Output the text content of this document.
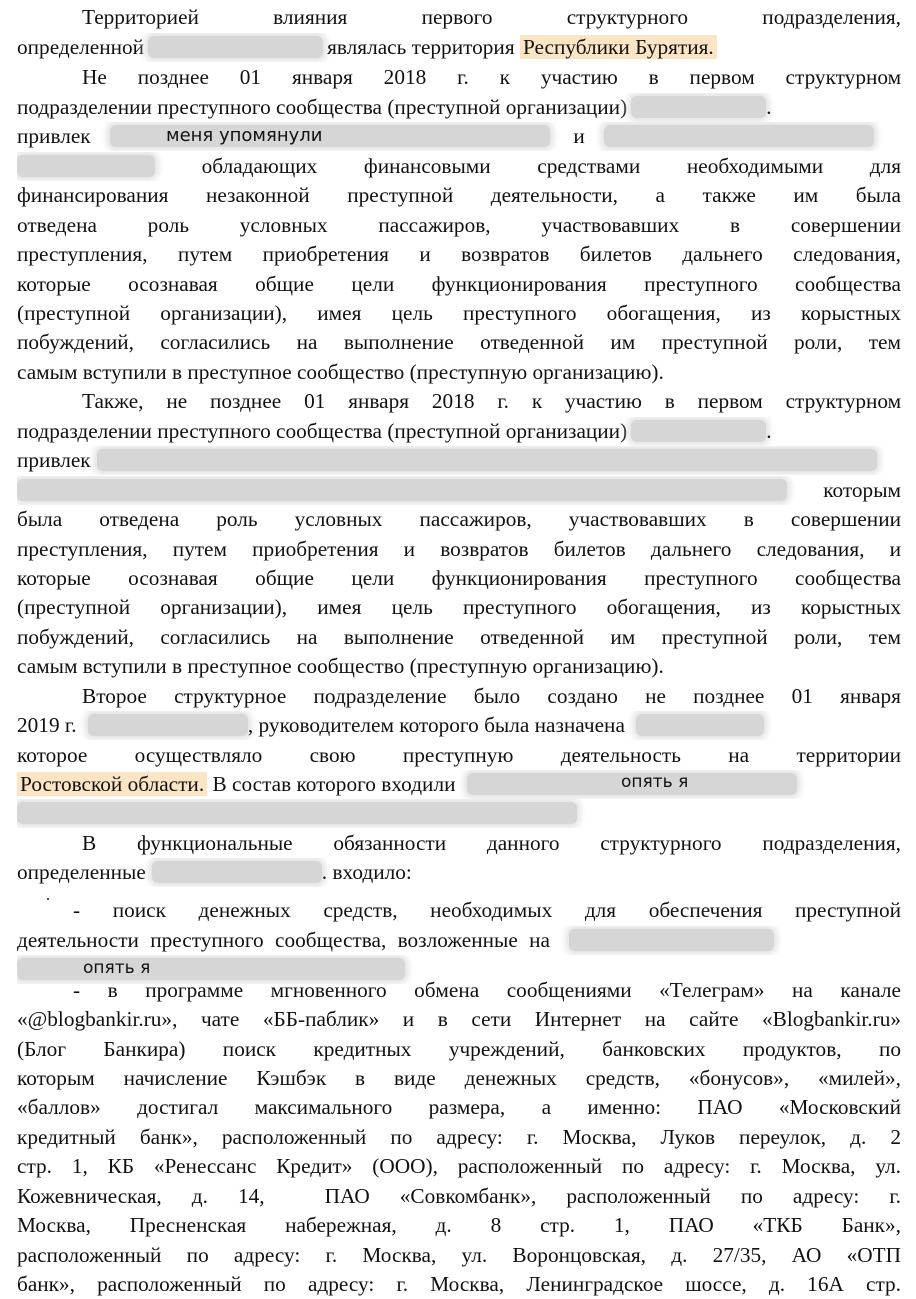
Территорией	влияния	первого	структурного	подразделения,
определенной	являлась территория Республики Бурятия.
Не позднее 01 января 2018 г. к участию в первом структурном
подразделении преступного сообщества (преступной организации)	.
привлек	и
обладающих финансовыми средствами необходимыми для
финансирования незаконной преступной деятельности, а также им была
отведена роль условных пассажиров, участвовавших в совершении
преступления, путем приобретения и возвратов билетов дальнего следования,
которые осознавая общие цели функционирования преступного сообщества
(преступной организации), имея цель преступного обогащения, из корыстных
побуждений, согласились на выполнение отведенной им преступной роли, тем
самым вступили в преступное сообщество (преступную организацию).
Также, не позднее 01 января 2018 г. к участию в первом структурном
подразделении преступного сообщества (преступной организации)	.
привлек
которым
была отведена роль условных пассажиров, участвовавших в совершении
преступления, путем приобретения и возвратов билетов дальнего следования, и
которые осознавая общие цели функционирования преступного сообщества
(преступной организации), имея цель преступного обогащения, из корыстных
побуждений, согласились на выполнение отведенной им преступной роли, тем
самым вступили в преступное сообщество (преступную организацию).
Второе структурное подразделение было создано не позднее 01 января
2019 г.	, руководителем которого была назначена
которое осуществляло свою преступную деятельность на территории
Ростовской области. В состав которого входили
В функциональные обязанности данного структурного подразделения,
определенные	. входило:
- поиск денежных средств, необходимых для обеспечения преступной
деятельности преступного сообщества, возложенные на
- в программе мгновенного обмена сообщениями «Телеграм» на канале
«@blogbankir.ru», чате «ББ-паблик» и в сети Интернет на сайте «Blogbankir.ru»
(Блог Банкира) поиск кредитных учреждений, банковских продуктов, по
которым начисление Кэшбэк в виде денежных средств, «бонусов», «милей»,
«баллов» достигал максимального размера, а именно: ПАО «Московский
кредитный банк», расположенный по адресу: г. Москва, Луков переулок, д. 2
стр. 1, КБ «Ренессанс Кредит» (ООО), расположенный по адресу: г. Москва, ул.
Кожевническая, д. 14,  ПАО «Совкомбанк», расположенный по адресу: г.
Москва, Пресненская набережная, д. 8 стр. 1, ПАО «ТКБ Банк»,
расположенный по адресу: г. Москва, ул. Воронцовская, д. 27/35, АО «ОТП
банк», расположенный по адресу: г. Москва, Ленинградское шоссе, д. 16А стр.
меня упомянули
опять я
опять я
